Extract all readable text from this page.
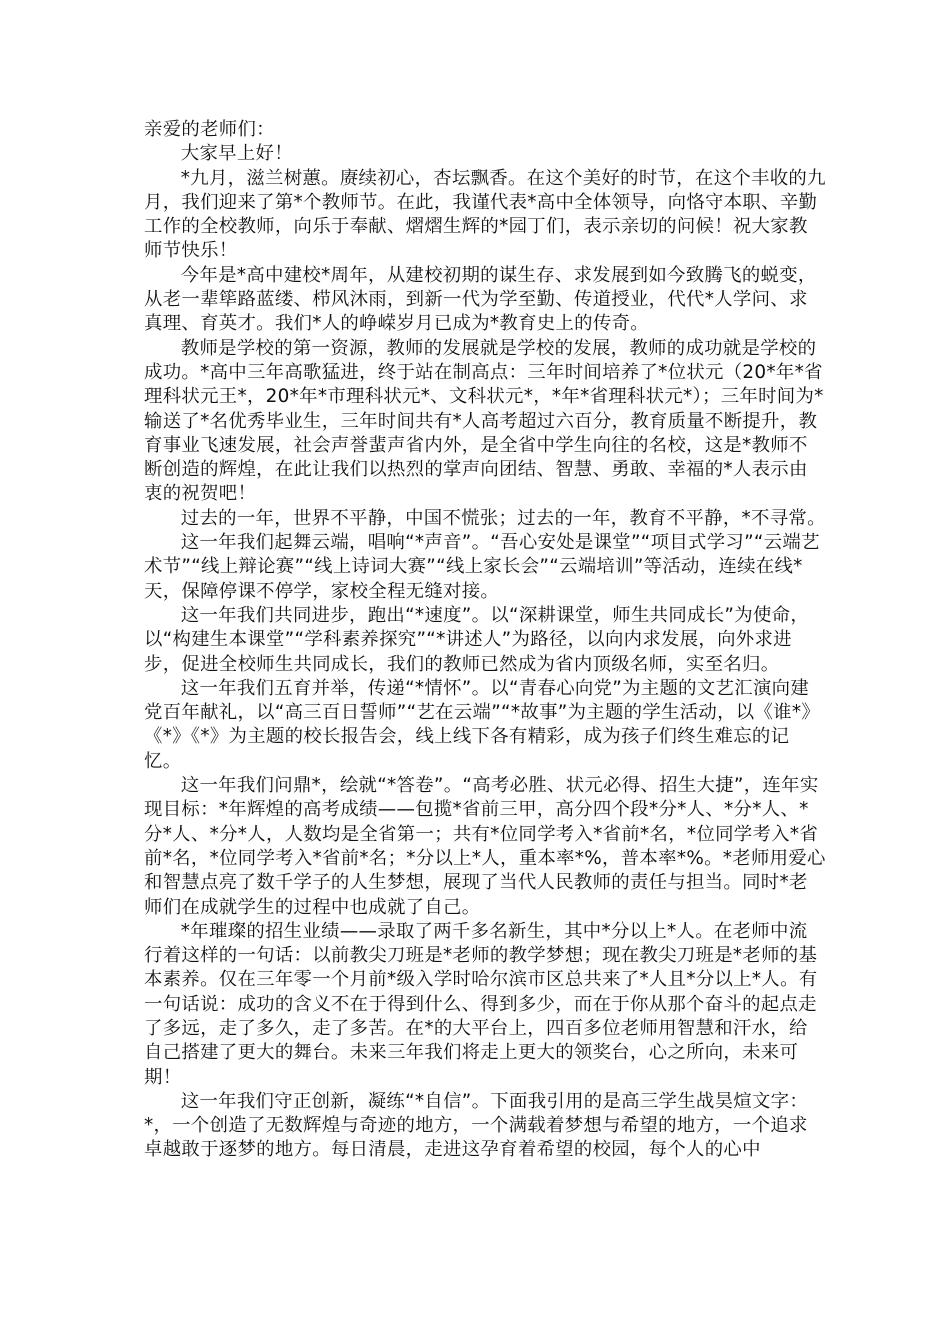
亲爱的老师们：

大家早上好！

*九月，滋兰树蕙。赓续初心，杏坛飘香。在这个美好的时节，在这个丰收的九月，我们迎来了第*个教师节。在此，我谨代表*高中全体领导，向恪守本职、辛勤工作的全校教师，向乐于奉献、熠熠生辉的*园丁们，表示亲切的问候！祝大家教师节快乐！

今年是*高中建校*周年，从建校初期的谋生存、求发展到如今致腾飞的蜕变，从老一辈筚路蓝缕、栉风沐雨，到新一代为学至勤、传道授业，代代*人学问、求真理、育英才。我们*人的峥嵘岁月已成为*教育史上的传奇。

教师是学校的第一资源，教师的发展就是学校的发展，教师的成功就是学校的成功。*高中三年高歌猛进，终于站在制高点：三年时间培养了*位状元（20*年*省理科状元王*，20*年*市理科状元*、文科状元*，*年*省理科状元*）；三年时间为*输送了*名优秀毕业生，三年时间共有*人高考超过六百分，教育质量不断提升，教育事业飞速发展，社会声誉蜚声省内外，是全省中学生向往的名校，这是*教师不断创造的辉煌，在此让我们以热烈的掌声向团结、智慧、勇敢、幸福的*人表示由衷的祝贺吧！

过去的一年，世界不平静，中国不慌张；过去的一年，教育不平静，*不寻常。

这一年我们起舞云端，唱响“*声音”。“吾心安处是课堂”“项目式学习”“云端艺术节”“线上辩论赛”“线上诗词大赛”“线上家长会”“云端培训”等活动，连续在线*天，保障停课不停学，家校全程无缝对接。

这一年我们共同进步，跑出“*速度”。以“深耕课堂，师生共同成长”为使命，以“构建生本课堂”“学科素养探究”“*讲述人”为路径，以向内求发展，向外求进步，促进全校师生共同成长，我们的教师已然成为省内顶级名师，实至名归。

这一年我们五育并举，传递“*情怀”。以“青春心向党”为主题的文艺汇演向建党百年献礼，以“高三百日誓师”“艺在云端”“*故事”为主题的学生活动，以《谁*》《*》《*》为主题的校长报告会，线上线下各有精彩，成为孩子们终生难忘的记忆。

这一年我们问鼎*，绘就“*答卷”。“高考必胜、状元必得、招生大捷”，连年实现目标：*年辉煌的高考成绩——包揽*省前三甲，高分四个段*分*人、*分*人、*分*人、*分*人，人数均是全省第一；共有*位同学考入*省前*名，*位同学考入*省前*名，*位同学考入*省前*名；*分以上*人，重本率*%，普本率*%。*老师用爱心和智慧点亮了数千学子的人生梦想，展现了当代人民教师的责任与担当。同时*老师们在成就学生的过程中也成就了自己。

*年璀璨的招生业绩——录取了两千多名新生，其中*分以上*人。在老师中流行着这样的一句话：以前教尖刀班是*老师的教学梦想；现在教尖刀班是*老师的基本素养。仅在三年零一个月前*级入学时哈尔滨市区总共来了*人且*分以上*人。有一句话说：成功的含义不在于得到什么、得到多少，而在于你从那个奋斗的起点走了多远，走了多久，走了多苦。在*的大平台上，四百多位老师用智慧和汗水，给自己搭建了更大的舞台。未来三年我们将走上更大的领奖台，心之所向，未来可期！

这一年我们守正创新，凝练“*自信”。下面我引用的是高三学生战昊煊文字：*，一个创造了无数辉煌与奇迹的地方，一个满载着梦想与希望的地方，一个追求卓越敢于逐梦的地方。每日清晨，走进这孕育着希望的校园，每个人的心中
